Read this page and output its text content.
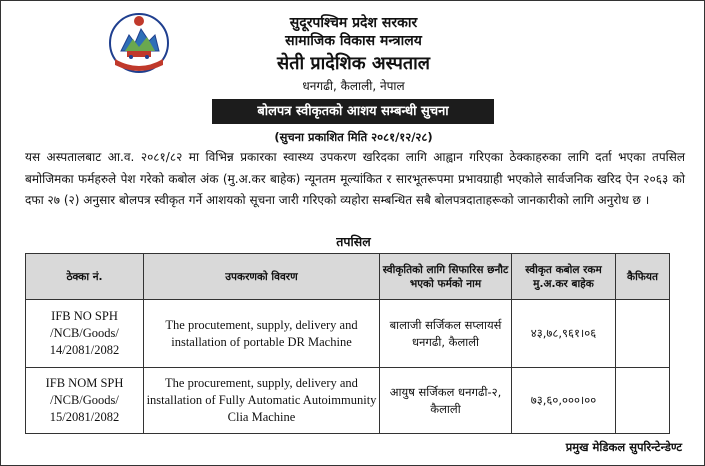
सुदूरपश्चिम प्रदेश सरकार
सामाजिक विकास मन्त्रालय
सेती प्रादेशिक अस्पताल
धनगढी, कैलाली, नेपाल
बोलपत्र स्वीकृतको आशय सम्बन्धी सुचना
(सुचना प्रकाशित मिति २०८१/१२/२८)

यस अस्पतालबाट आ.व. २०८१/८२ मा विभिन्न प्रकारका स्वास्थ्य उपकरण खरिदका लागि आह्वान गरिएका ठेक्काहरुका लागि दर्ता भएका तपसिल बमोजिमका फर्महरुले पेश गरेको कबोल अंक (मु.अ.कर बाहेक) न्यूनतम मूल्यांकित र सारभूतरूपमा प्रभावग्राही भएकोले सार्वजनिक खरिद ऐन २०६३ को दफा २७ (२) अनुसार बोलपत्र स्वीकृत गर्ने आशयको सूचना जारी गरिएको व्यहोरा सम्बन्धित सबै बोलपत्रदाताहरूको जानकारीको लागि अनुरोध छ ।

तपसिल
ठेक्का नं.	उपकरणको विवरण	स्वीकृतिको लागि सिफारिस छनौट भएको फर्मको नाम	स्वीकृत कबोल रकम मु.अ.कर बाहेक	कैफियत
IFB NO SPH /NCB/Goods/ 14/2081/2082	The procutement, supply, delivery and installation of portable DR Machine	बालाजी सर्जिकल सप्लायर्स धनगढी, कैलाली	४३,७८,९६१।०६	
IFB NOM SPH /NCB/Goods/ 15/2081/2082	The procurement, supply, delivery and installation of Fully Automatic Autoimmunity Clia Machine	आयुष सर्जिकल धनगढी-२, कैलाली	७३,६०,०००।००	
प्रमुख मेडिकल सुपरिन्टेन्डेण्ट
